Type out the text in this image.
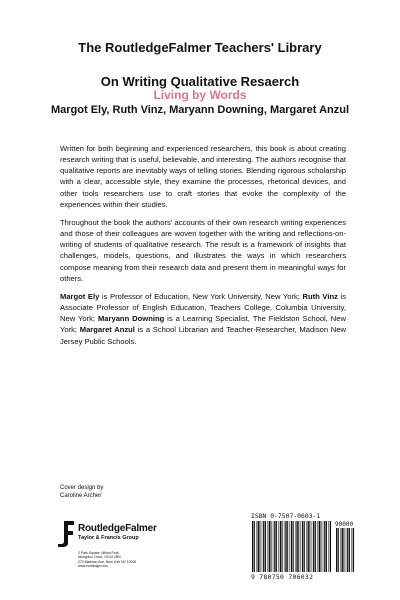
The RoutledgeFalmer Teachers' Library
On Writing Qualitative Resaerch
Living by Words
Margot Ely, Ruth Vinz, Maryann Downing, Margaret Anzul

Written for both beginning and experienced researchers, this book is about creating research writing that is useful, believable, and interesting. The authors recognise that qualitative reports are inevitably ways of telling stories. Blending rigorous scholarship with a clear, accessible style, they examine the processes, rhetorical devices, and other tools researchers use to craft stories that evoke the complexity of the experiences within their studies.

Throughout the book the authors' accounts of their own research writing experiences and those of their colleagues are woven together with the writing and reflections-on-writing of students of qualitative research. The result is a framework of insights that challenges, models, questions, and illustrates the ways in which researchers compose meaning from their research data and present them in meaningful ways for others.

Margot Ely is Professor of Education, New York University, New York; Ruth Vinz is Associate Professor of English Education, Teachers College, Columbia University, New York; Maryann Downing is a Learning Specialist, The Fieldston School, New York; Margaret Anzul is a School Librarian and Teacher-Researcher, Madison New Jersey Public Schools.

Cover design by
Caroline Archer
RoutledgeFalmer
Taylor & Francis Group
2 Park Square, Milton Park,
Abingdon, Oxon, OX14 4RN
270 Madison Ave, New York NY 10016
www.routledge.com
ISBN 0-7507-0603-1
90000
9 780750 706032
